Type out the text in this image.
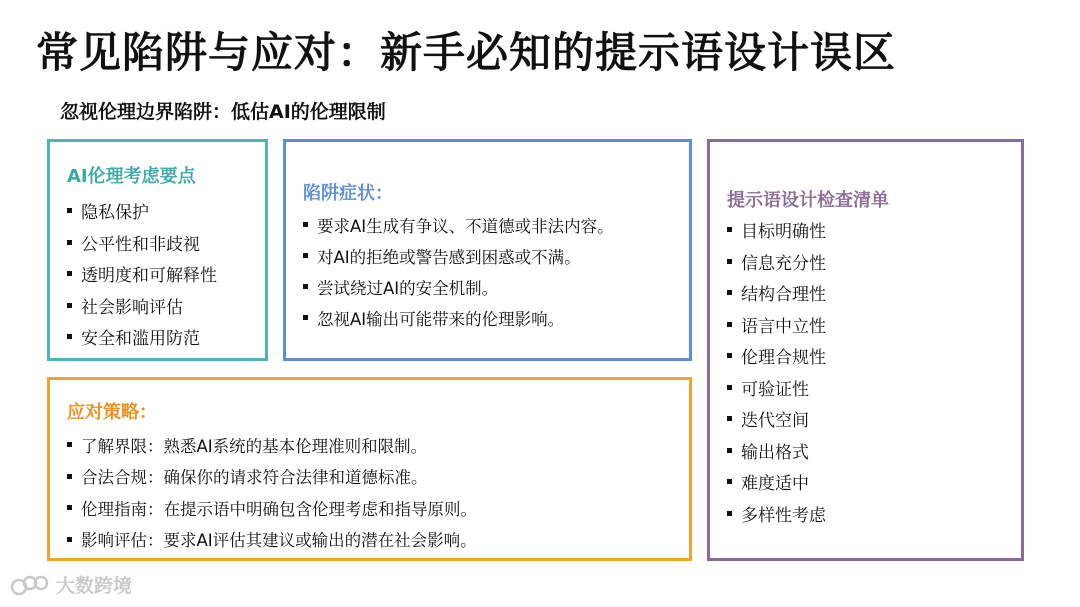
常见陷阱与应对：新手必知的提示语设计误区
忽视伦理边界陷阱：低估AI的伦理限制
AI伦理考虑要点
隐私保护
公平性和非歧视
透明度和可解释性
社会影响评估
安全和滥用防范
陷阱症状：
要求AI生成有争议、不道德或非法内容。
对AI的拒绝或警告感到困惑或不满。
尝试绕过AI的安全机制。
忽视AI输出可能带来的伦理影响。
应对策略：
了解界限：熟悉AI系统的基本伦理准则和限制。
合法合规：确保你的请求符合法律和道德标准。
伦理指南：在提示语中明确包含伦理考虑和指导原则。
影响评估：要求AI评估其建议或输出的潜在社会影响。
提示语设计检查清单
目标明确性
信息充分性
结构合理性
语言中立性
伦理合规性
可验证性
迭代空间
输出格式
难度适中
多样性考虑
大数跨境
